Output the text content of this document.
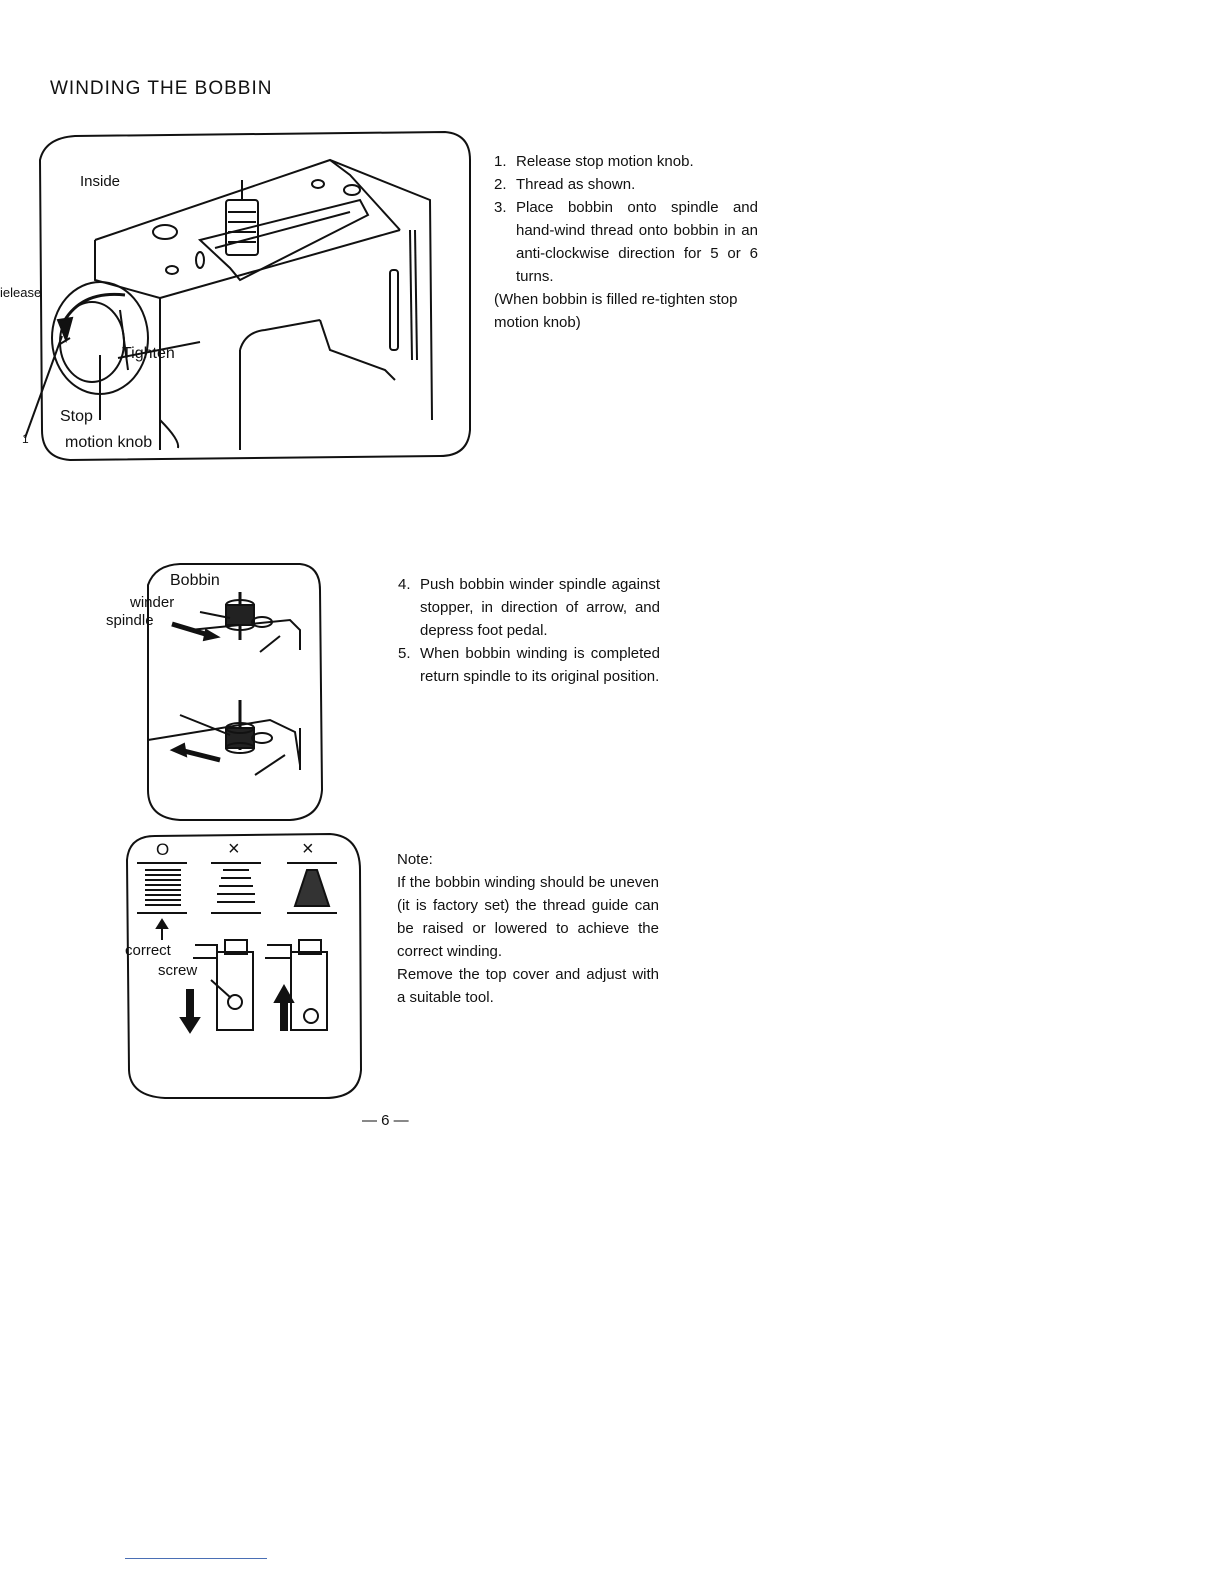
WINDING THE BOBBIN
Inside
ielease
Tighten
Stop
motion knob
1
1. Release stop motion knob.
2. Thread as shown.
3. Place bobbin onto spindle and hand-wind thread onto bobbin in an anti-clockwise direction for 5 or 6 turns.
(When bobbin is filled re-tighten stop motion knob)
Bobbin
winder
spindle
4. Push bobbin winder spindle against stopper, in direction of arrow, and depress foot pedal.
5. When bobbin winding is completed return spindle to its original position.
O	×	×
correct
screw
Note:
If the bobbin winding should be uneven (it is factory set) the thread guide can be raised or lowered to achieve the correct winding.
Remove the top cover and adjust with a suitable tool.
— 6 —
